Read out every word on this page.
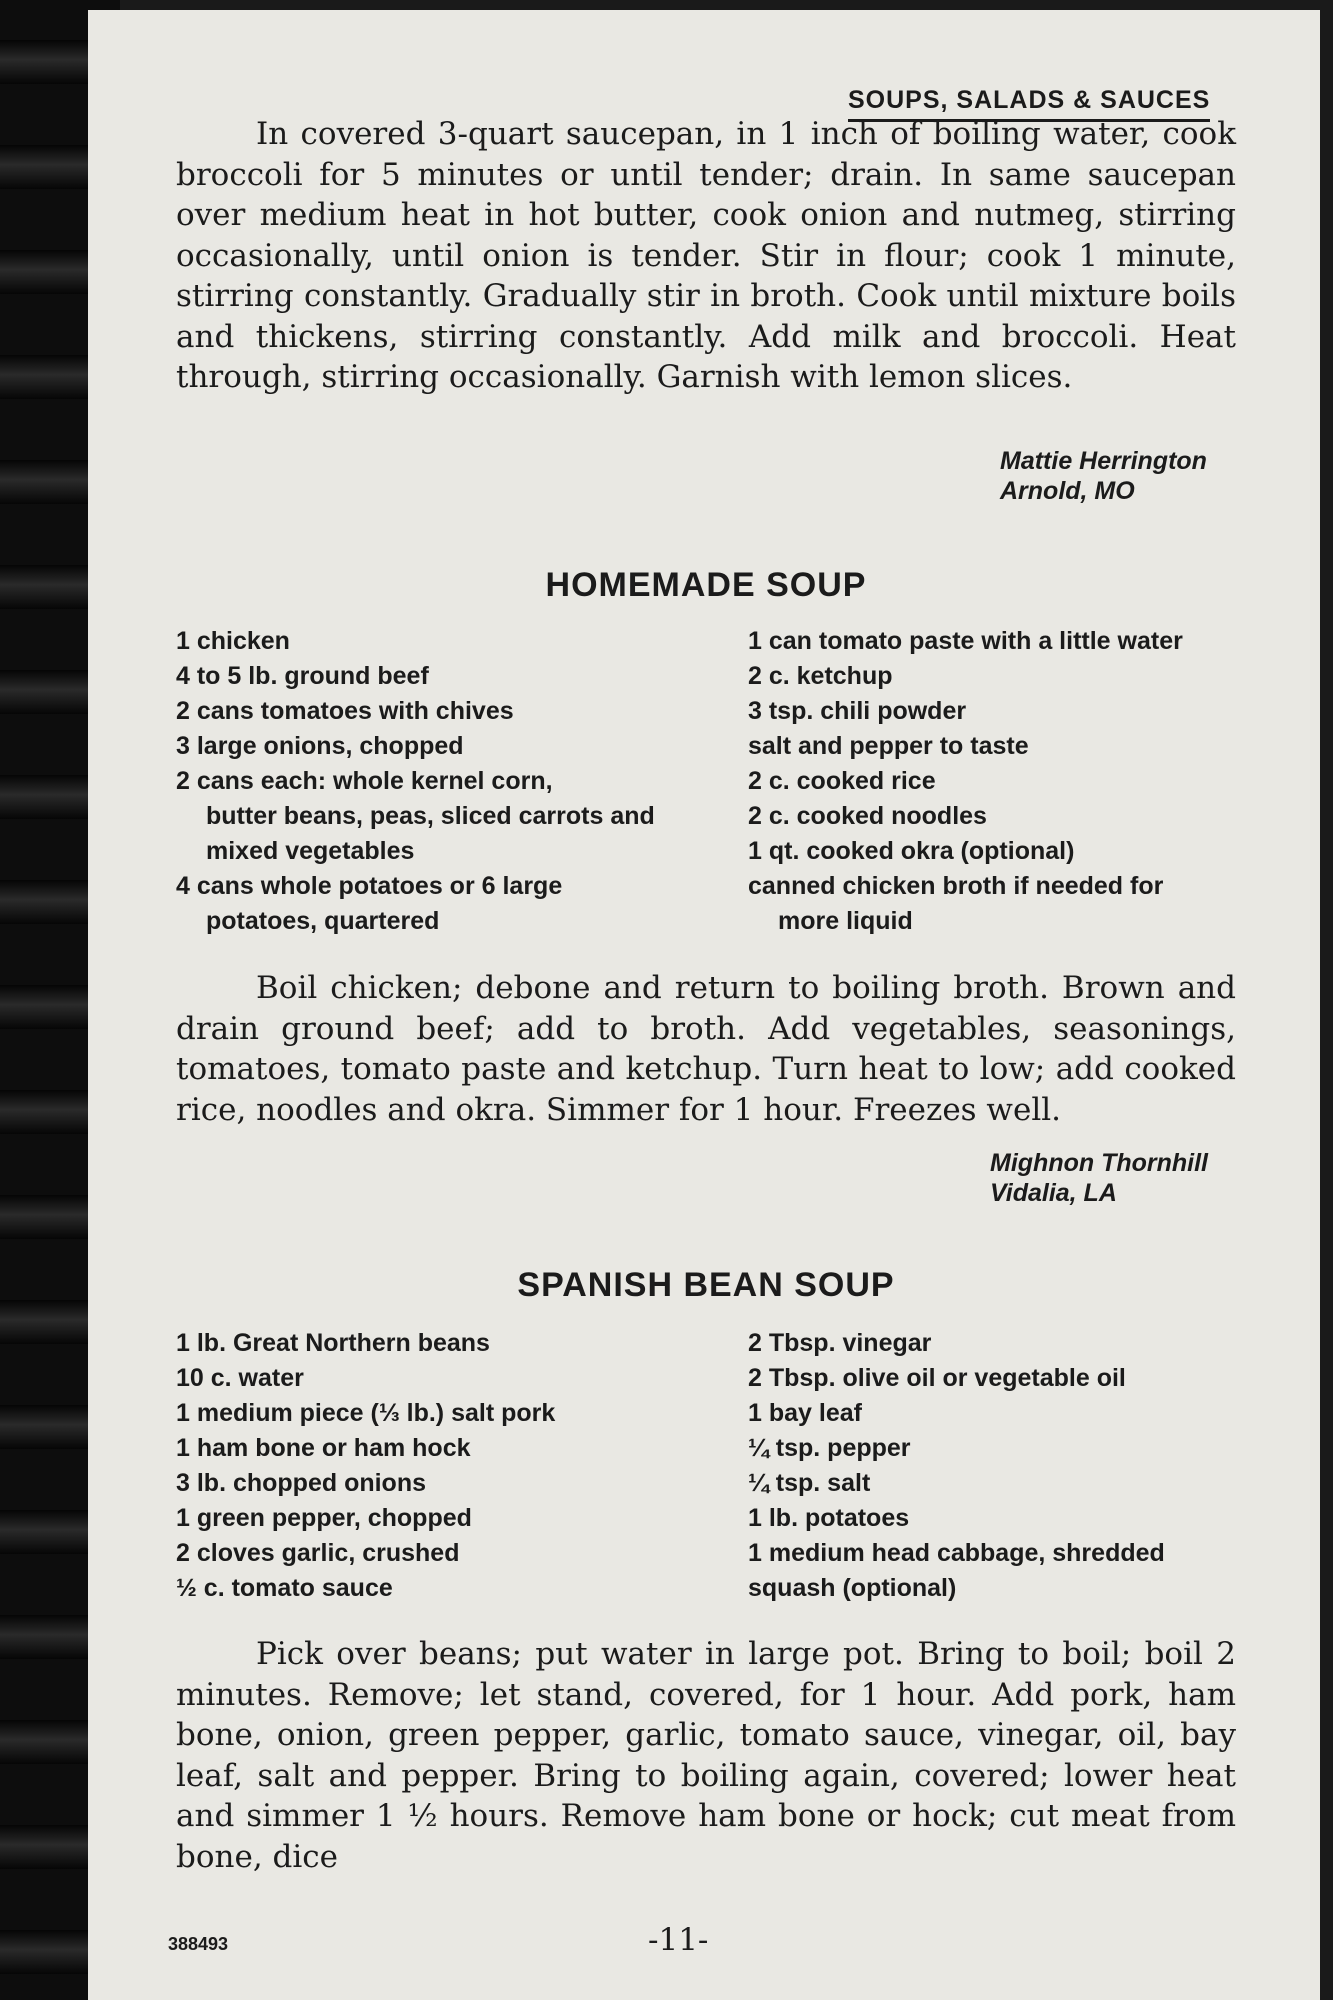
SOUPS, SALADS & SAUCES

In covered 3-quart saucepan, in 1 inch of boiling water, cook broccoli for 5 minutes or until tender; drain. In same saucepan over medium heat in hot butter, cook onion and nutmeg, stirring occasionally, until onion is tender. Stir in flour; cook 1 minute, stirring constantly. Gradually stir in broth. Cook until mixture boils and thickens, stirring constantly. Add milk and broccoli. Heat through, stirring occasionally. Garnish with lemon slices.

Mattie Herrington
Arnold, MO
HOMEMADE SOUP
1 chicken
4 to 5 lb. ground beef
2 cans tomatoes with chives
3 large onions, chopped
2 cans each: whole kernel corn,
butter beans, peas, sliced carrots and mixed vegetables
4 cans whole potatoes or 6 large
potatoes, quartered
1 can tomato paste with a little water
2 c. ketchup
3 tsp. chili powder
salt and pepper to taste
2 c. cooked rice
2 c. cooked noodles
1 qt. cooked okra (optional)
canned chicken broth if needed for
more liquid

Boil chicken; debone and return to boiling broth. Brown and drain ground beef; add to broth. Add vegetables, seasonings, tomatoes, tomato paste and ketchup. Turn heat to low; add cooked rice, noodles and okra. Simmer for 1 hour. Freezes well.

Mighnon Thornhill
Vidalia, LA
SPANISH BEAN SOUP
1 lb. Great Northern beans
10 c. water
1 medium piece (⅓ lb.) salt pork
1 ham bone or ham hock
3 lb. chopped onions
1 green pepper, chopped
2 cloves garlic, crushed
½ c. tomato sauce
2 Tbsp. vinegar
2 Tbsp. olive oil or vegetable oil
1 bay leaf
¼ tsp. pepper
¼ tsp. salt
1 lb. potatoes
1 medium head cabbage, shredded
squash (optional)

Pick over beans; put water in large pot. Bring to boil; boil 2 minutes. Remove; let stand, covered, for 1 hour. Add pork, ham bone, onion, green pepper, garlic, tomato sauce, vinegar, oil, bay leaf, salt and pepper. Bring to boiling again, covered; lower heat and simmer 1 ½ hours. Remove ham bone or hock; cut meat from bone, dice

388493	-11-
